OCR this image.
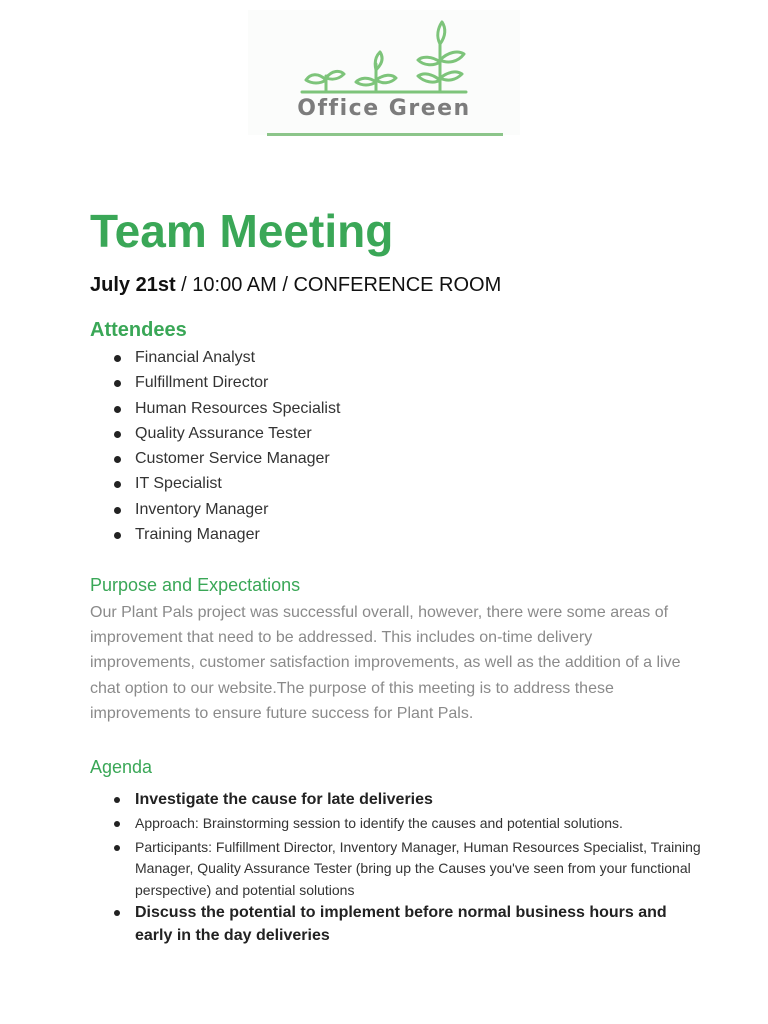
Office Green
Team Meeting
July 21st / 10:00 AM / CONFERENCE ROOM
Attendees
Financial Analyst
Fulfillment Director
Human Resources Specialist
Quality Assurance Tester
Customer Service Manager
IT Specialist
Inventory Manager
Training Manager
Purpose and Expectations

Our Plant Pals project was successful overall, however, there were some areas of improvement that need to be addressed. This includes on-time delivery improvements, customer satisfaction improvements, as well as the addition of a live chat option to our website.The purpose of this meeting is to address these improvements to ensure future success for Plant Pals.

Agenda
Investigate the cause for late deliveries
Approach: Brainstorming session to identify the causes and potential solutions.
Participants: Fulfillment Director, Inventory Manager, Human Resources Specialist, Training Manager, Quality Assurance Tester (bring up the Causes you've seen from your functional perspective) and potential solutions
Discuss the potential to implement before normal business hours and early in the day deliveries
